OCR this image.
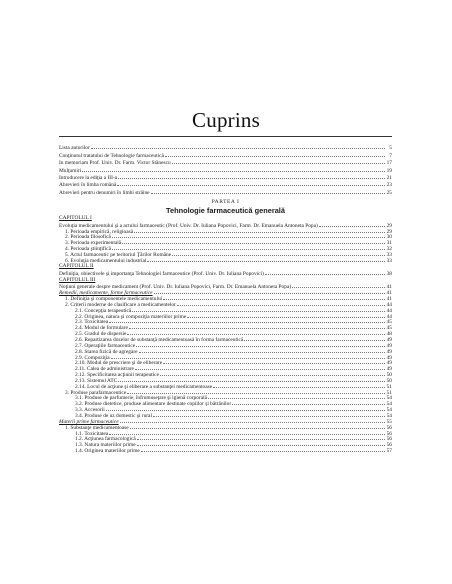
Cuprins
Lista autorilor	5
Conţinutul tratatului de Tehnologie farmaceutică	7
In memoriam Prof. Univ. Dr. Farm. Victor Stănescu	17
Mulţumiri	19
Introducere la ediţia a III-a	21
Abrevieri în limba română	23
Abrevieri pentru denumiri în limbi străine	25
PARTEA I
Tehnologie farmaceutică generală
CAPITOLUL I
Evoluţia medicamentului şi a actului farmaceutic (Prof. Univ. Dr. Iuliana Popovici, Farm. Dr. Emanuela Antoneta Popa)	29
1. Perioada empirică, religioasă	29
2. Perioada filosofică	30
3. Perioada experimentală	31
4. Perioada ştiinţifică	32
5. Actul farmaceutic pe teritoriul Ţărilor Române	33
6. Evoluţia medicamentului industrial	33
CAPITOLUL II
Definiţia, obiectivele şi importanţa Tehnologiei farmaceutice (Prof. Univ. Dr. Iuliana Popovici)	38
CAPITOLUL III
Noţiuni generale despre medicament (Prof. Univ. Dr. Iuliana Popovici, Farm. Dr. Emanuela Antoneta Popa)	41
Remedii, medicamente, forme farmaceutice	41
1. Definiţia şi componentele medicamentului	41
2. Criterii moderne de clasificare a medicamentelor	44
2.1. Concepţia terapeutică	44
2.2. Originea, natura şi compoziţia materiilor prime	44
2.3. Toxicitatea	45
2.4. Modul de formulare	45
2.5. Gradul de dispersie	48
2.6. Repartizarea dozelor de substanţă medicamentoasă în forma farmaceutică	49
2.7. Operaţiile farmaceutice	49
2.8. Starea fizică de agregare	49
2.9. Compoziţia	49
2.10. Modul de prescriere şi de eliberare	49
2.11. Calea de administrare	49
2.12. Specificitatea acţiunii terapeutice	50
2.13. Sistemul ATC	50
2.14. Locul de acţiune şi eliberare a substanţei medicamentoase	51
3. Produse parafarmaceutice	51
3.1. Produse de parfumerie, înfrumuseţare şi igienă corporală	54
3.2. Produse dietetice, produse alimentare destinate copiilor şi bătrânilor	54
3.3. Accesorii	54
3.4. Produse de uz domestic şi rural	54
Materii prime farmaceutice	55
1. Substanţe medicamentoase	56
1.1. Toxicitatea	56
1.2. Acţiunea farmacologică	56
1.3. Natura materiilor prime	56
1.4. Originea materiilor prime	57
